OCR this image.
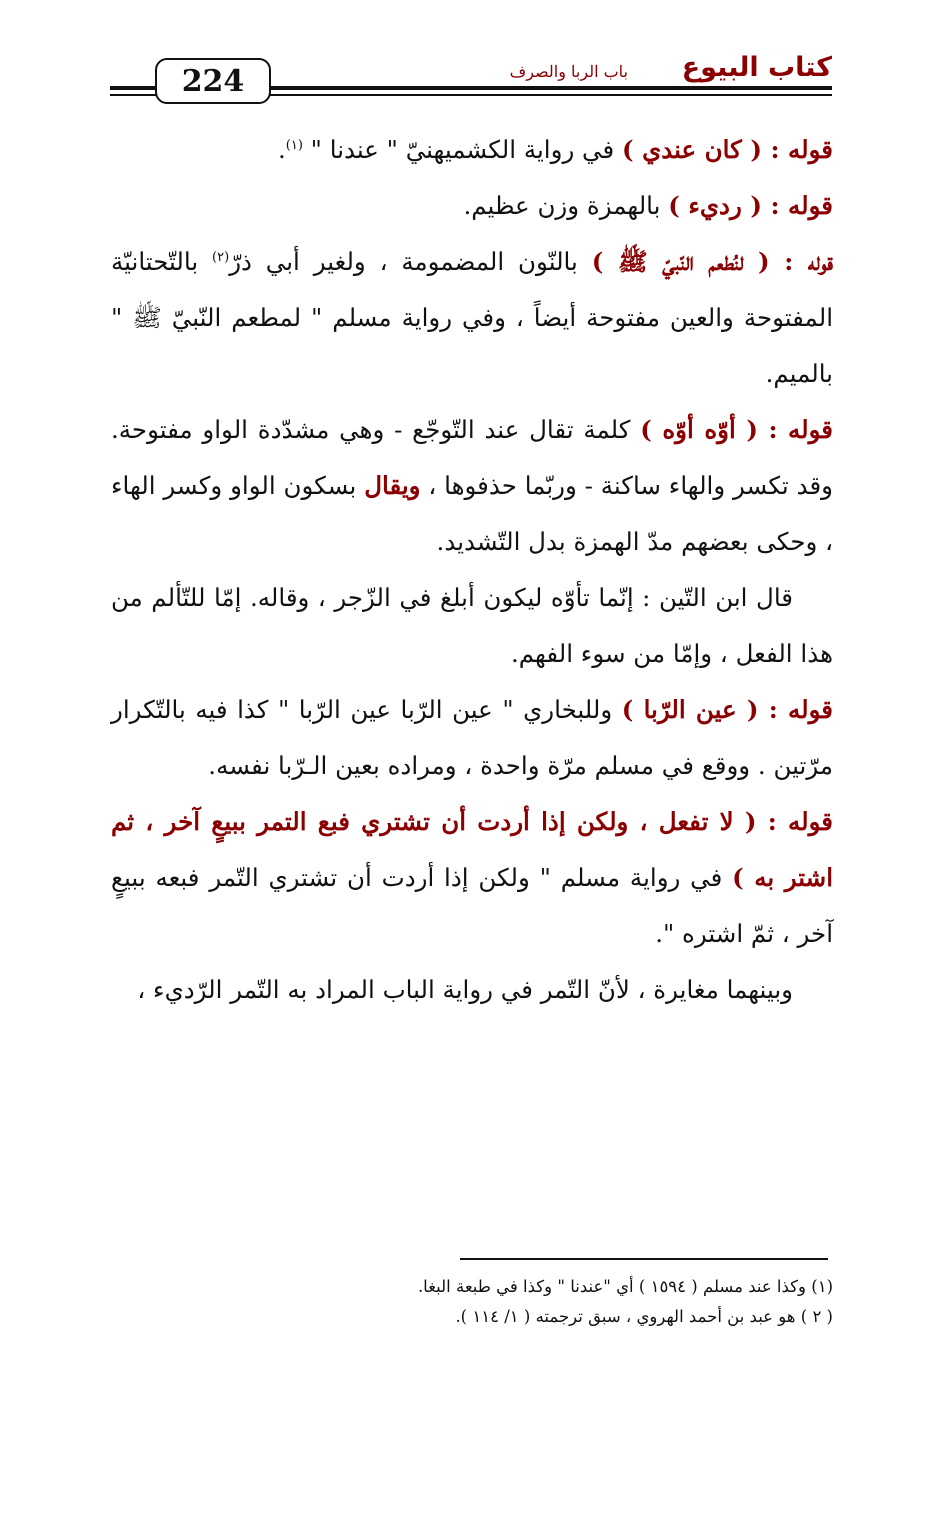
224	كتاب البيوع
باب الربا والصرف

قوله : ( كان عندي ) في رواية الكشميهنيّ " عندنا " $^{(١)}$.

قوله : ( رديء ) بالهمزة وزن عظيم.

قوله : ( لنُطعم النّبيّ ﷺ ) بالنّون المضمومة ، ولغير أبي ذرّ$^{(٢)}$ بالتّحتانيّة المفتوحة والعين مفتوحة أيضاً ، وفي رواية مسلم " لمطعم النّبيّ ﷺ " بالميم.

قوله : ( أوّه أوّه ) كلمة تقال عند التّوجّع - وهي مشدّدة الواو مفتوحة. وقد تكسر والهاء ساكنة - وربّما حذفوها ، ويقال بسكون الواو وكسر الهاء ، وحكى بعضهم مدّ الهمزة بدل التّشديد.

قال ابن التّين : إنّما تأوّه ليكون أبلغ في الزّجر ، وقاله. إمّا للتّألم من هذا الفعل ، وإمّا من سوء الفهم.

قوله : ( عين الرّبا ) وللبخاري " عين الرّبا عين الرّبا " كذا فيه بالتّكرار مرّتين . ووقع في مسلم مرّة واحدة ، ومراده بعين الـرّبا نفسه.

قوله : ( لا تفعل ، ولكن إذا أردت أن تشتري فبع التمر ببيعٍ آخر ، ثم اشتر به ) في رواية مسلم " ولكن إذا أردت أن تشتري التّمر فبعه ببيعٍ آخر ، ثمّ اشتره ".

وبينهما مغايرة ، لأنّ التّمر في رواية الباب المراد به التّمر الرّديء ،

(١) وكذا عند مسلم ( ١٥٩٤ ) أي "عندنا " وكذا في طبعة البغا.

( ٢ ) هو عبد بن أحمد الهروي ، سبق ترجمته ( ١/ ١١٤ ).
